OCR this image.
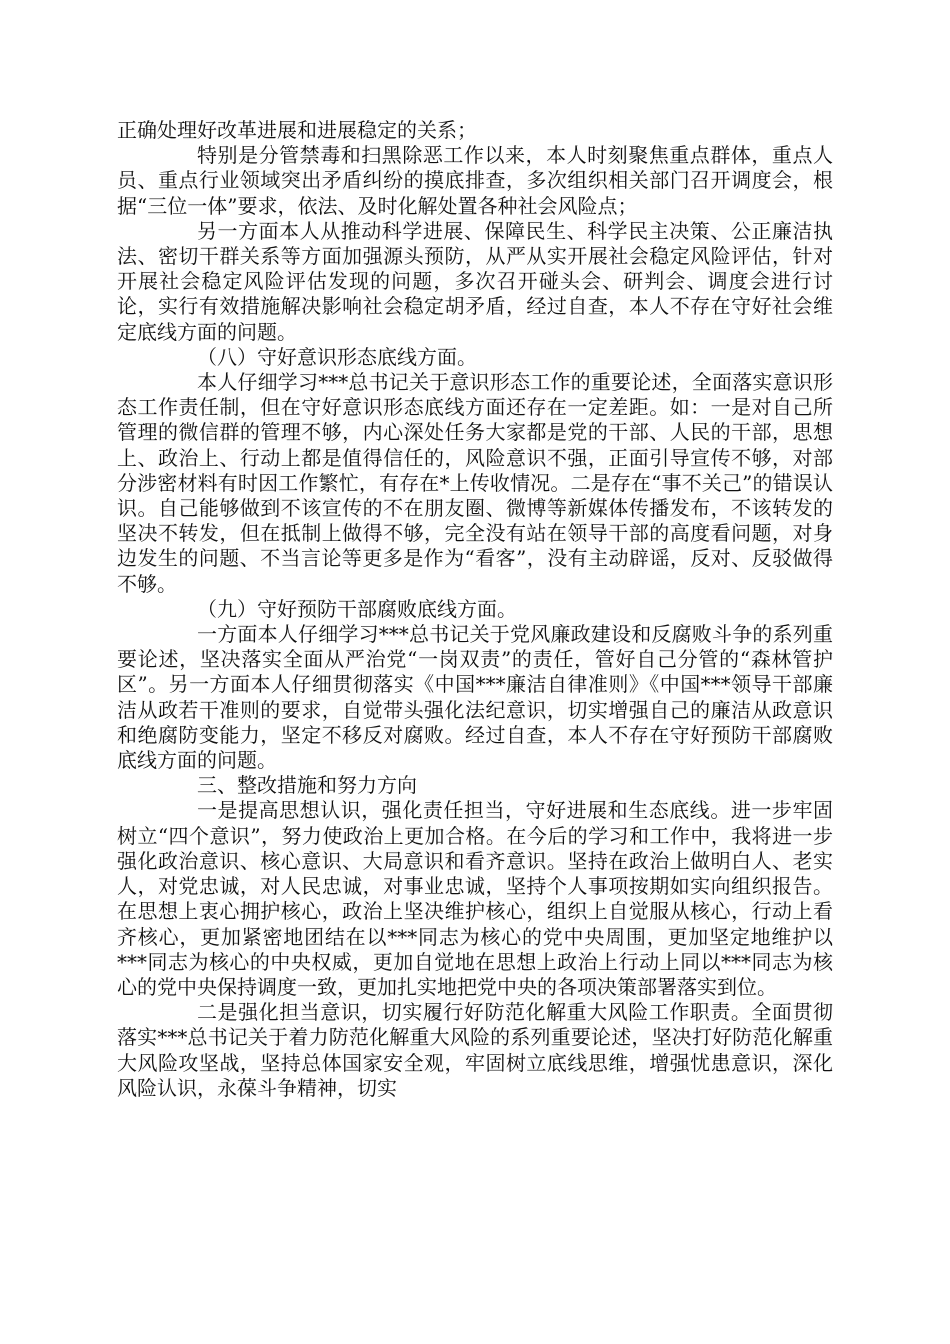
正确处理好改革进展和进展稳定的关系；

特别是分管禁毒和扫黑除恶工作以来，本人时刻聚焦重点群体，重点人员、重点行业领域突出矛盾纠纷的摸底排查，多次组织相关部门召开调度会，根据“三位一体”要求，依法、及时化解处置各种社会风险点；

另一方面本人从推动科学进展、保障民生、科学民主决策、公正廉洁执法、密切干群关系等方面加强源头预防，从严从实开展社会稳定风险评估，针对开展社会稳定风险评估发现的问题，多次召开碰头会、研判会、调度会进行讨论，实行有效措施解决影响社会稳定胡矛盾，经过自查，本人不存在守好社会维定底线方面的问题。

（八）守好意识形态底线方面。

本人仔细学习***总书记关于意识形态工作的重要论述，全面落实意识形态工作责任制，但在守好意识形态底线方面还存在一定差距。如：一是对自己所管理的微信群的管理不够，内心深处任务大家都是党的干部、人民的干部，思想上、政治上、行动上都是值得信任的，风险意识不强，正面引导宣传不够，对部分涉密材料有时因工作繁忙，有存在*上传收情况。二是存在“事不关己”的错误认识。自己能够做到不该宣传的不在朋友圈、微博等新媒体传播发布，不该转发的坚决不转发，但在抵制上做得不够，完全没有站在领导干部的高度看问题，对身边发生的问题、不当言论等更多是作为“看客”，没有主动辟谣，反对、反驳做得不够。

（九）守好预防干部腐败底线方面。

一方面本人仔细学习***总书记关于党风廉政建设和反腐败斗争的系列重要论述，坚决落实全面从严治党“一岗双责”的责任，管好自己分管的“森林管护区”。另一方面本人仔细贯彻落实《中国***廉洁自律准则》《中国***领导干部廉洁从政若干准则的要求，自觉带头强化法纪意识，切实增强自己的廉洁从政意识和绝腐防变能力，坚定不移反对腐败。经过自查，本人不存在守好预防干部腐败底线方面的问题。

三、整改措施和努力方向

一是提高思想认识，强化责任担当，守好进展和生态底线。进一步牢固树立“四个意识”，努力使政治上更加合格。在今后的学习和工作中，我将进一步强化政治意识、核心意识、大局意识和看齐意识。坚持在政治上做明白人、老实人，对党忠诚，对人民忠诚，对事业忠诚，坚持个人事项按期如实向组织报告。在思想上衷心拥护核心，政治上坚决维护核心，组织上自觉服从核心，行动上看齐核心，更加紧密地团结在以***同志为核心的党中央周围，更加坚定地维护以***同志为核心的中央权威，更加自觉地在思想上政治上行动上同以***同志为核心的党中央保持调度一致，更加扎实地把党中央的各项决策部署落实到位。

二是强化担当意识，切实履行好防范化解重大风险工作职责。全面贯彻落实***总书记关于着力防范化解重大风险的系列重要论述，坚决打好防范化解重大风险攻坚战，坚持总体国家安全观，牢固树立底线思维，增强忧患意识，深化风险认识，永葆斗争精神，切实
